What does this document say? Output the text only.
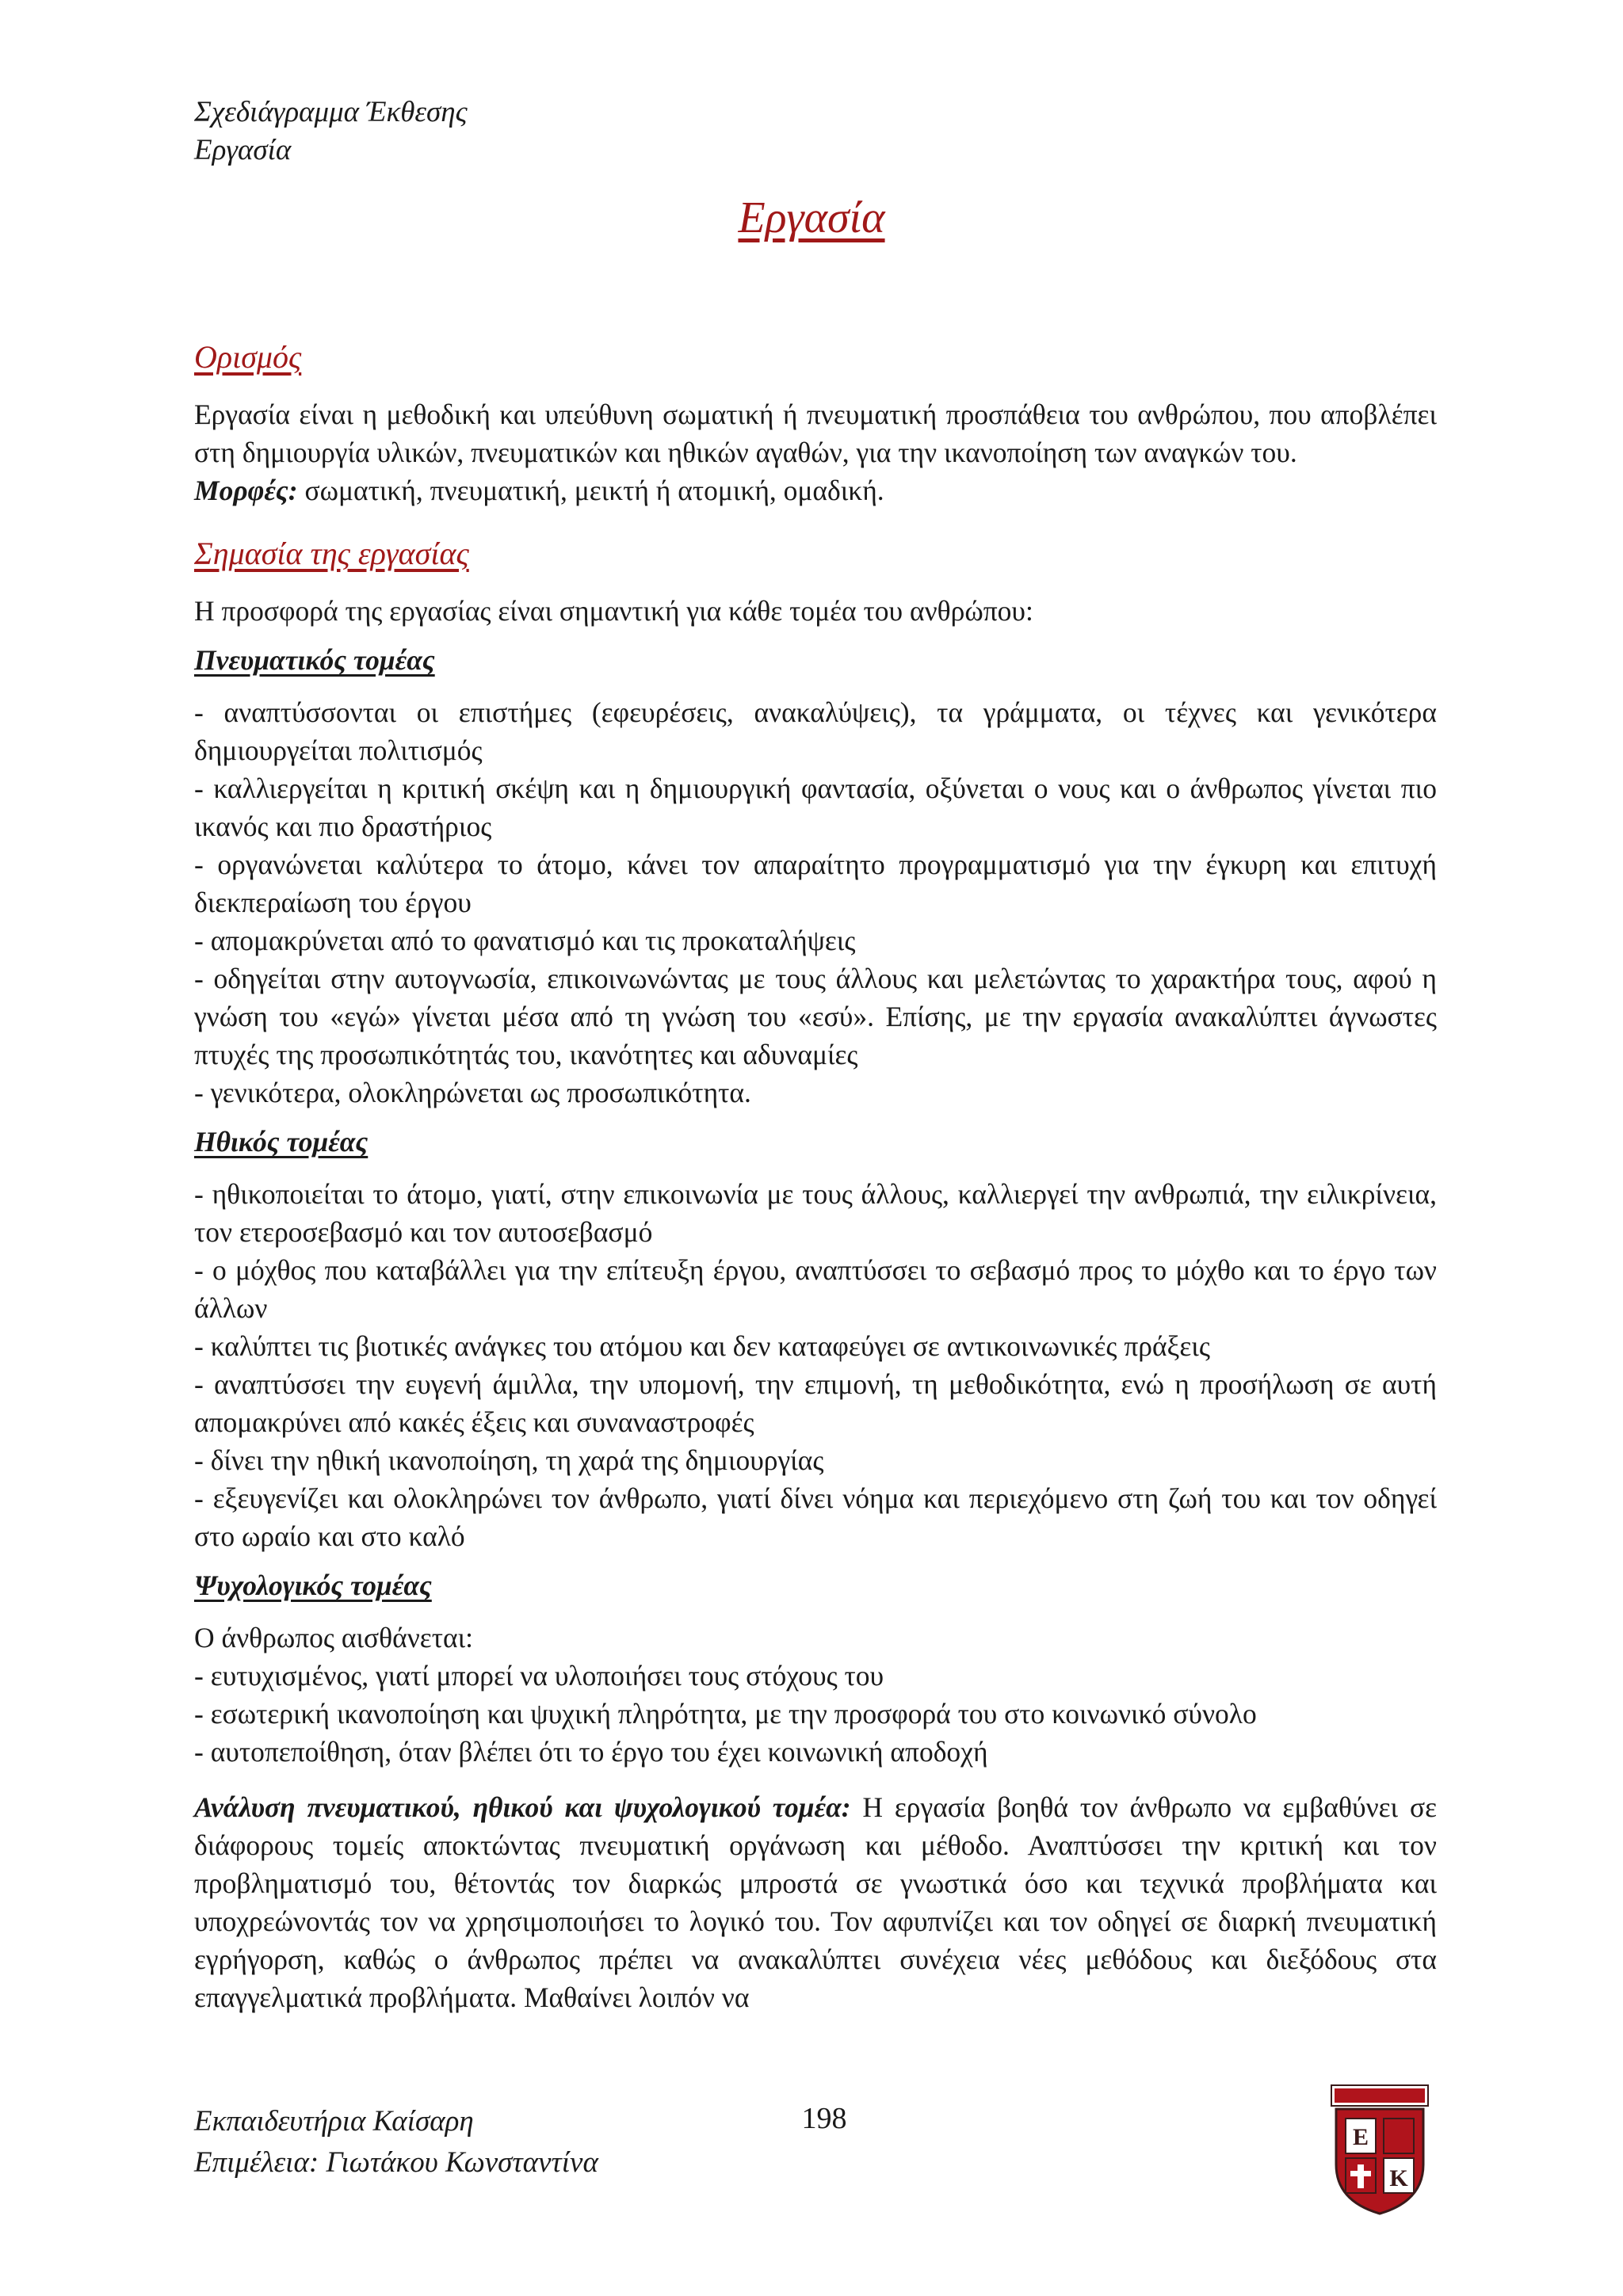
Σχεδιάγραμμα Έκθεσης
Εργασία
Εργασία
Ορισμός

Εργασία είναι η μεθοδική και υπεύθυνη σωματική ή πνευματική προσπάθεια του ανθρώπου, που αποβλέπει στη δημιουργία υλικών, πνευματικών και ηθικών αγαθών, για την ικανοποίηση των αναγκών του.

Μορφές: σωματική, πνευματική, μεικτή ή ατομική, ομαδική.

Σημασία της εργασίας

Η προσφορά της εργασίας είναι σημαντική για κάθε τομέα του ανθρώπου:

Πνευματικός τομέας

- αναπτύσσονται οι επιστήμες (εφευρέσεις, ανακαλύψεις), τα γράμματα, οι τέχνες και γενικότερα δημιουργείται πολιτισμός

- καλλιεργείται η κριτική σκέψη και η δημιουργική φαντασία, οξύνεται ο νους και ο άνθρωπος γίνεται πιο ικανός και πιο δραστήριος

- οργανώνεται καλύτερα το άτομο, κάνει τον απαραίτητο προγραμματισμό για την έγκυρη και επιτυχή διεκπεραίωση του έργου

- απομακρύνεται από το φανατισμό και τις προκαταλήψεις

- οδηγείται στην αυτογνωσία, επικοινωνώντας με τους άλλους και μελετώντας το χαρακτήρα τους, αφού η γνώση του «εγώ» γίνεται μέσα από τη γνώση του «εσύ». Επίσης, με την εργασία ανακαλύπτει άγνωστες πτυχές της προσωπικότητάς του, ικανότητες και αδυναμίες

- γενικότερα, ολοκληρώνεται ως προσωπικότητα.

Ηθικός τομέας

- ηθικοποιείται το άτομο, γιατί, στην επικοινωνία με τους άλλους, καλλιεργεί την ανθρωπιά, την ειλικρίνεια, τον ετεροσεβασμό και τον αυτοσεβασμό

- ο μόχθος που καταβάλλει για την επίτευξη έργου, αναπτύσσει το σεβασμό προς το μόχθο και το έργο των άλλων

- καλύπτει τις βιοτικές ανάγκες του ατόμου και δεν καταφεύγει σε αντικοινωνικές πράξεις

- αναπτύσσει την ευγενή άμιλλα, την υπομονή, την επιμονή, τη μεθοδικότητα, ενώ η προσήλωση σε αυτή απομακρύνει από κακές έξεις και συναναστροφές

- δίνει την ηθική ικανοποίηση, τη χαρά της δημιουργίας

- εξευγενίζει και ολοκληρώνει τον άνθρωπο, γιατί δίνει νόημα και περιεχόμενο στη ζωή του και τον οδηγεί στο ωραίο και στο καλό

Ψυχολογικός τομέας

Ο άνθρωπος αισθάνεται:

- ευτυχισμένος, γιατί μπορεί να υλοποιήσει τους στόχους του

- εσωτερική ικανοποίηση και ψυχική πληρότητα, με την προσφορά του στο κοινωνικό σύνολο

- αυτοπεποίθηση, όταν βλέπει ότι το έργο του έχει κοινωνική αποδοχή

Ανάλυση πνευματικού, ηθικού και ψυχολογικού τομέα: Η εργασία βοηθά τον άνθρωπο να εμβαθύνει σε διάφορους τομείς αποκτώντας πνευματική οργάνωση και μέθοδο. Αναπτύσσει την κριτική και τον προβληματισμό του, θέτοντάς τον διαρκώς μπροστά σε γνωστικά όσο και τεχνικά προβλήματα και υποχρεώνοντάς τον να χρησιμοποιήσει το λογικό του. Τον αφυπνίζει και τον οδηγεί σε διαρκή πνευματική εγρήγορση, καθώς ο άνθρωπος πρέπει να ανακαλύπτει συνέχεια νέες μεθόδους και διεξόδους στα επαγγελματικά προβλήματα. Μαθαίνει λοιπόν να

Εκπαιδευτήρια Καίσαρη
Επιμέλεια: Γιωτάκου Κωνσταντίνα
198
E
K
